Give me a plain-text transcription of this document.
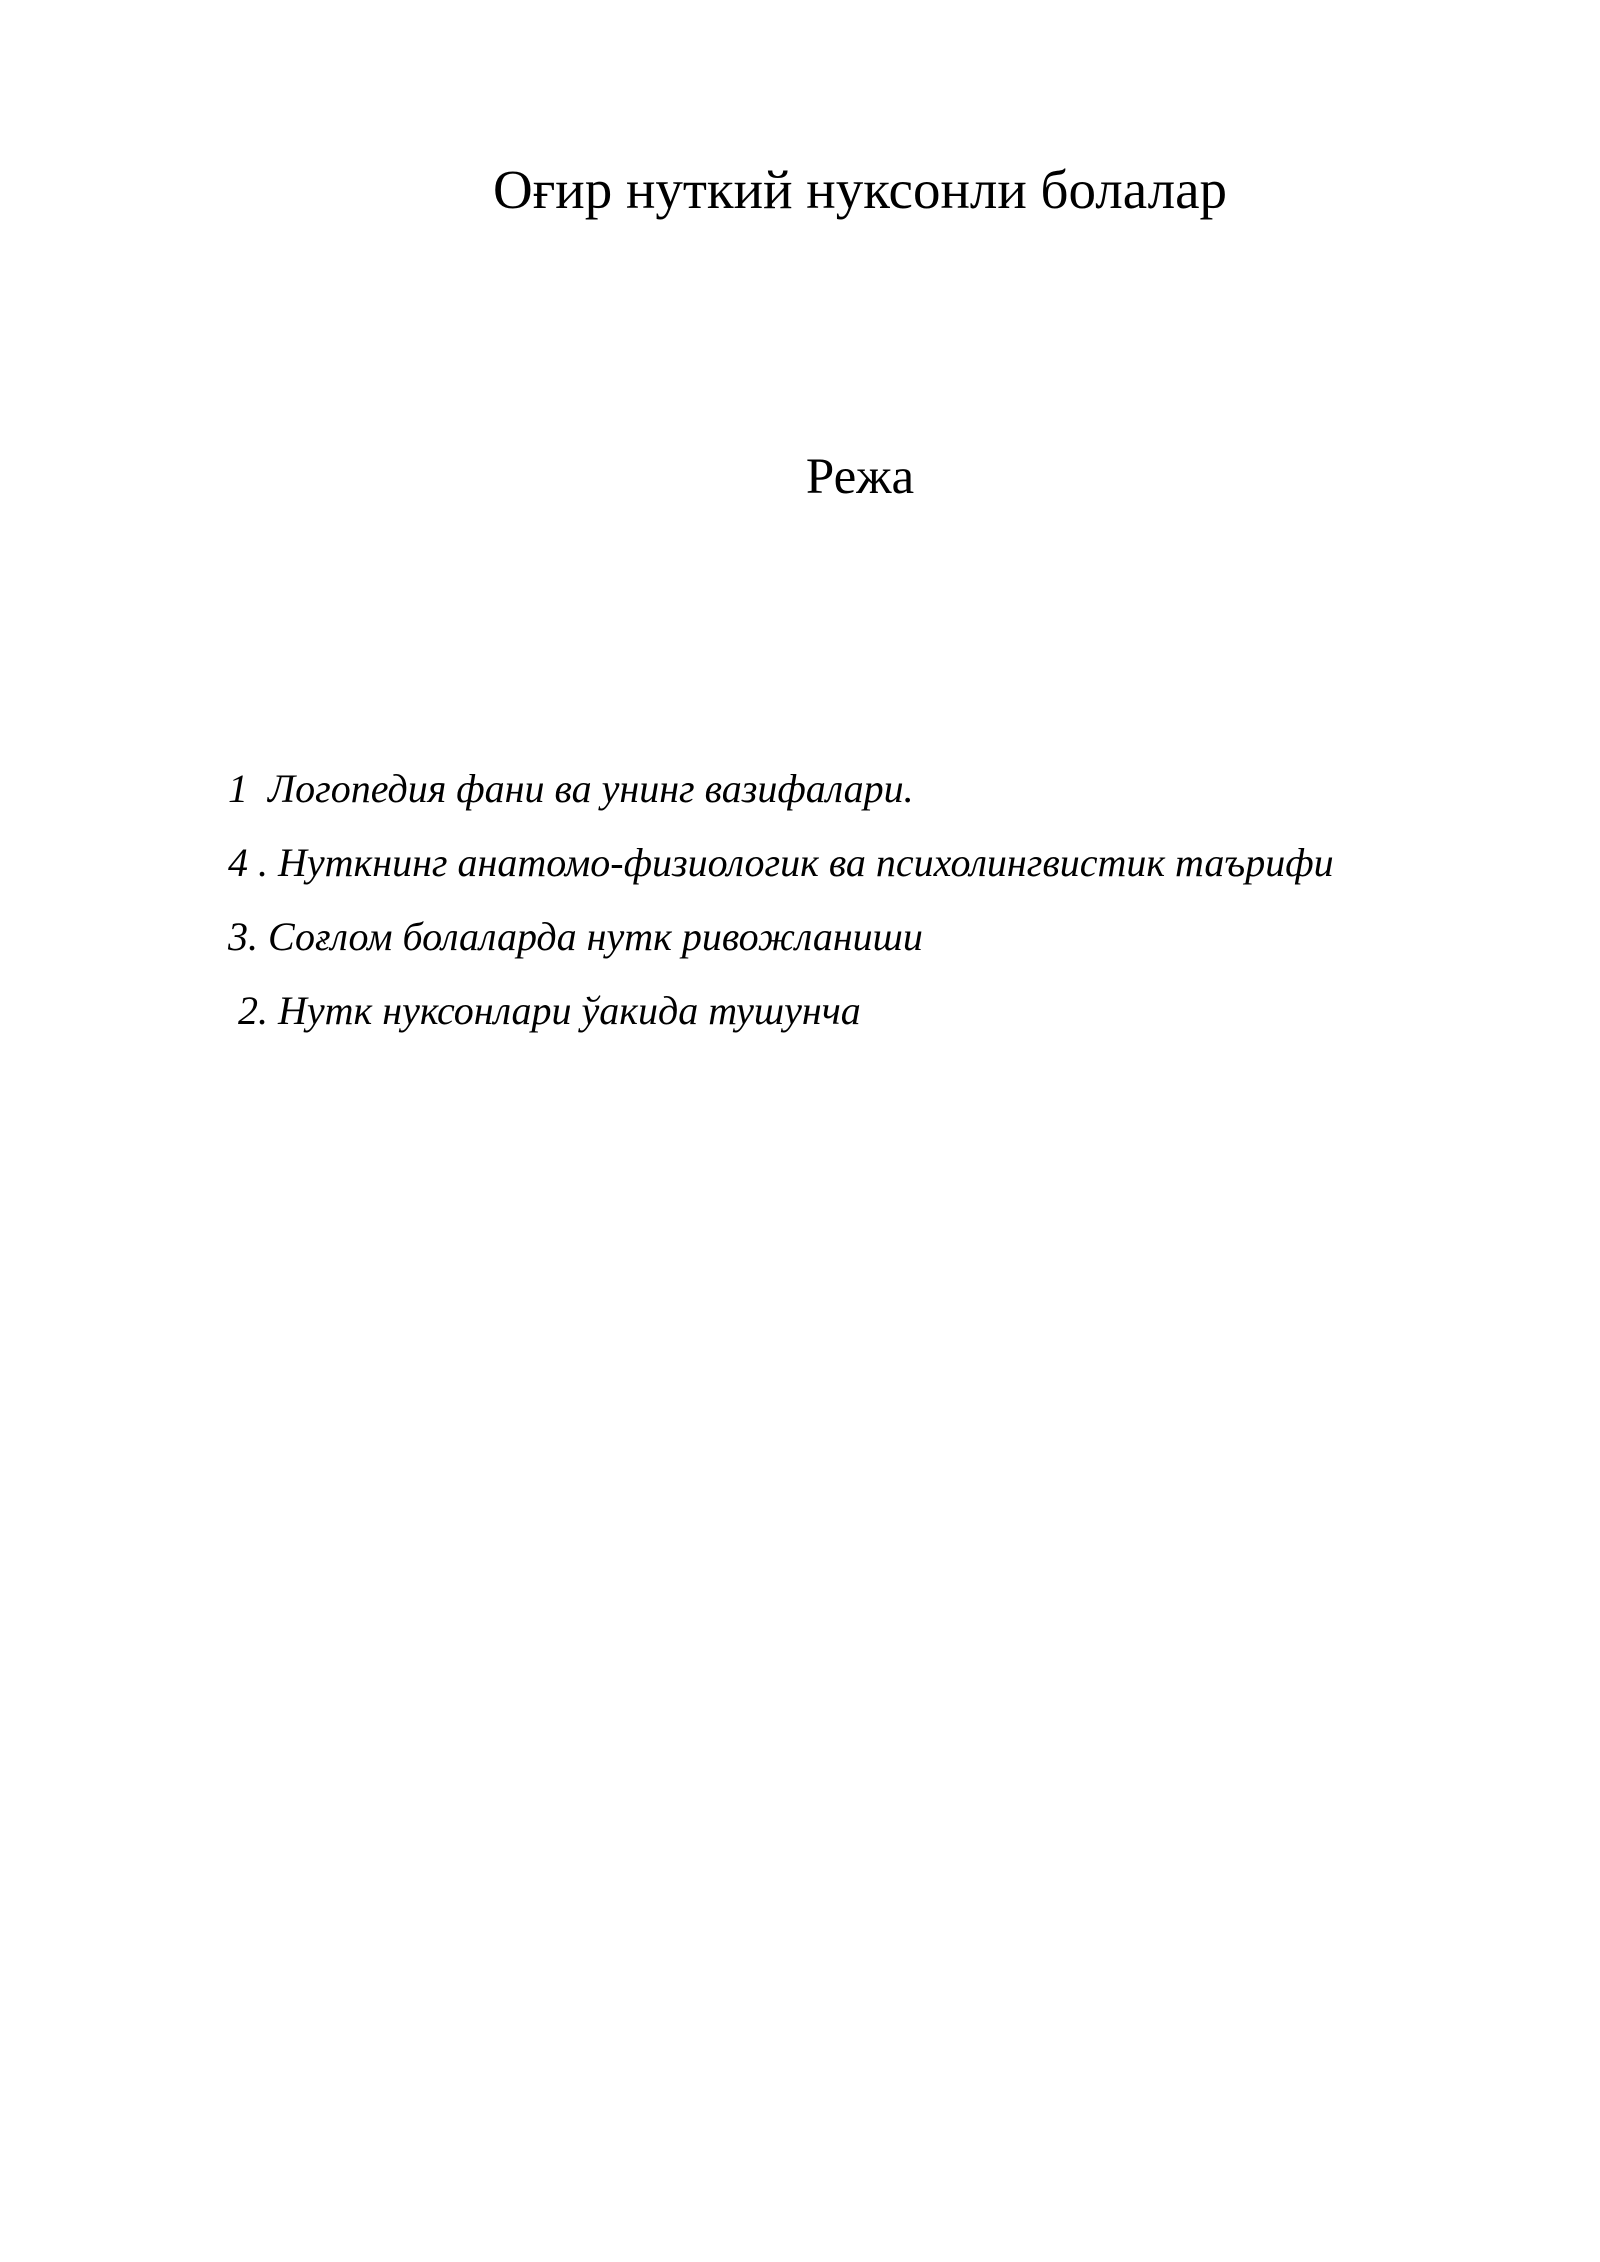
Оғир нуткий нуксонли болалар
Режа
1  Логопедия фани ва унинг вазифалари.
4 . Нуткнинг анатомо-физиологик ва психолингвистик таърифи
3. Соғлом болаларда нутк ривожланиши
2. Нутк нуксонлари ўакида тушунча
